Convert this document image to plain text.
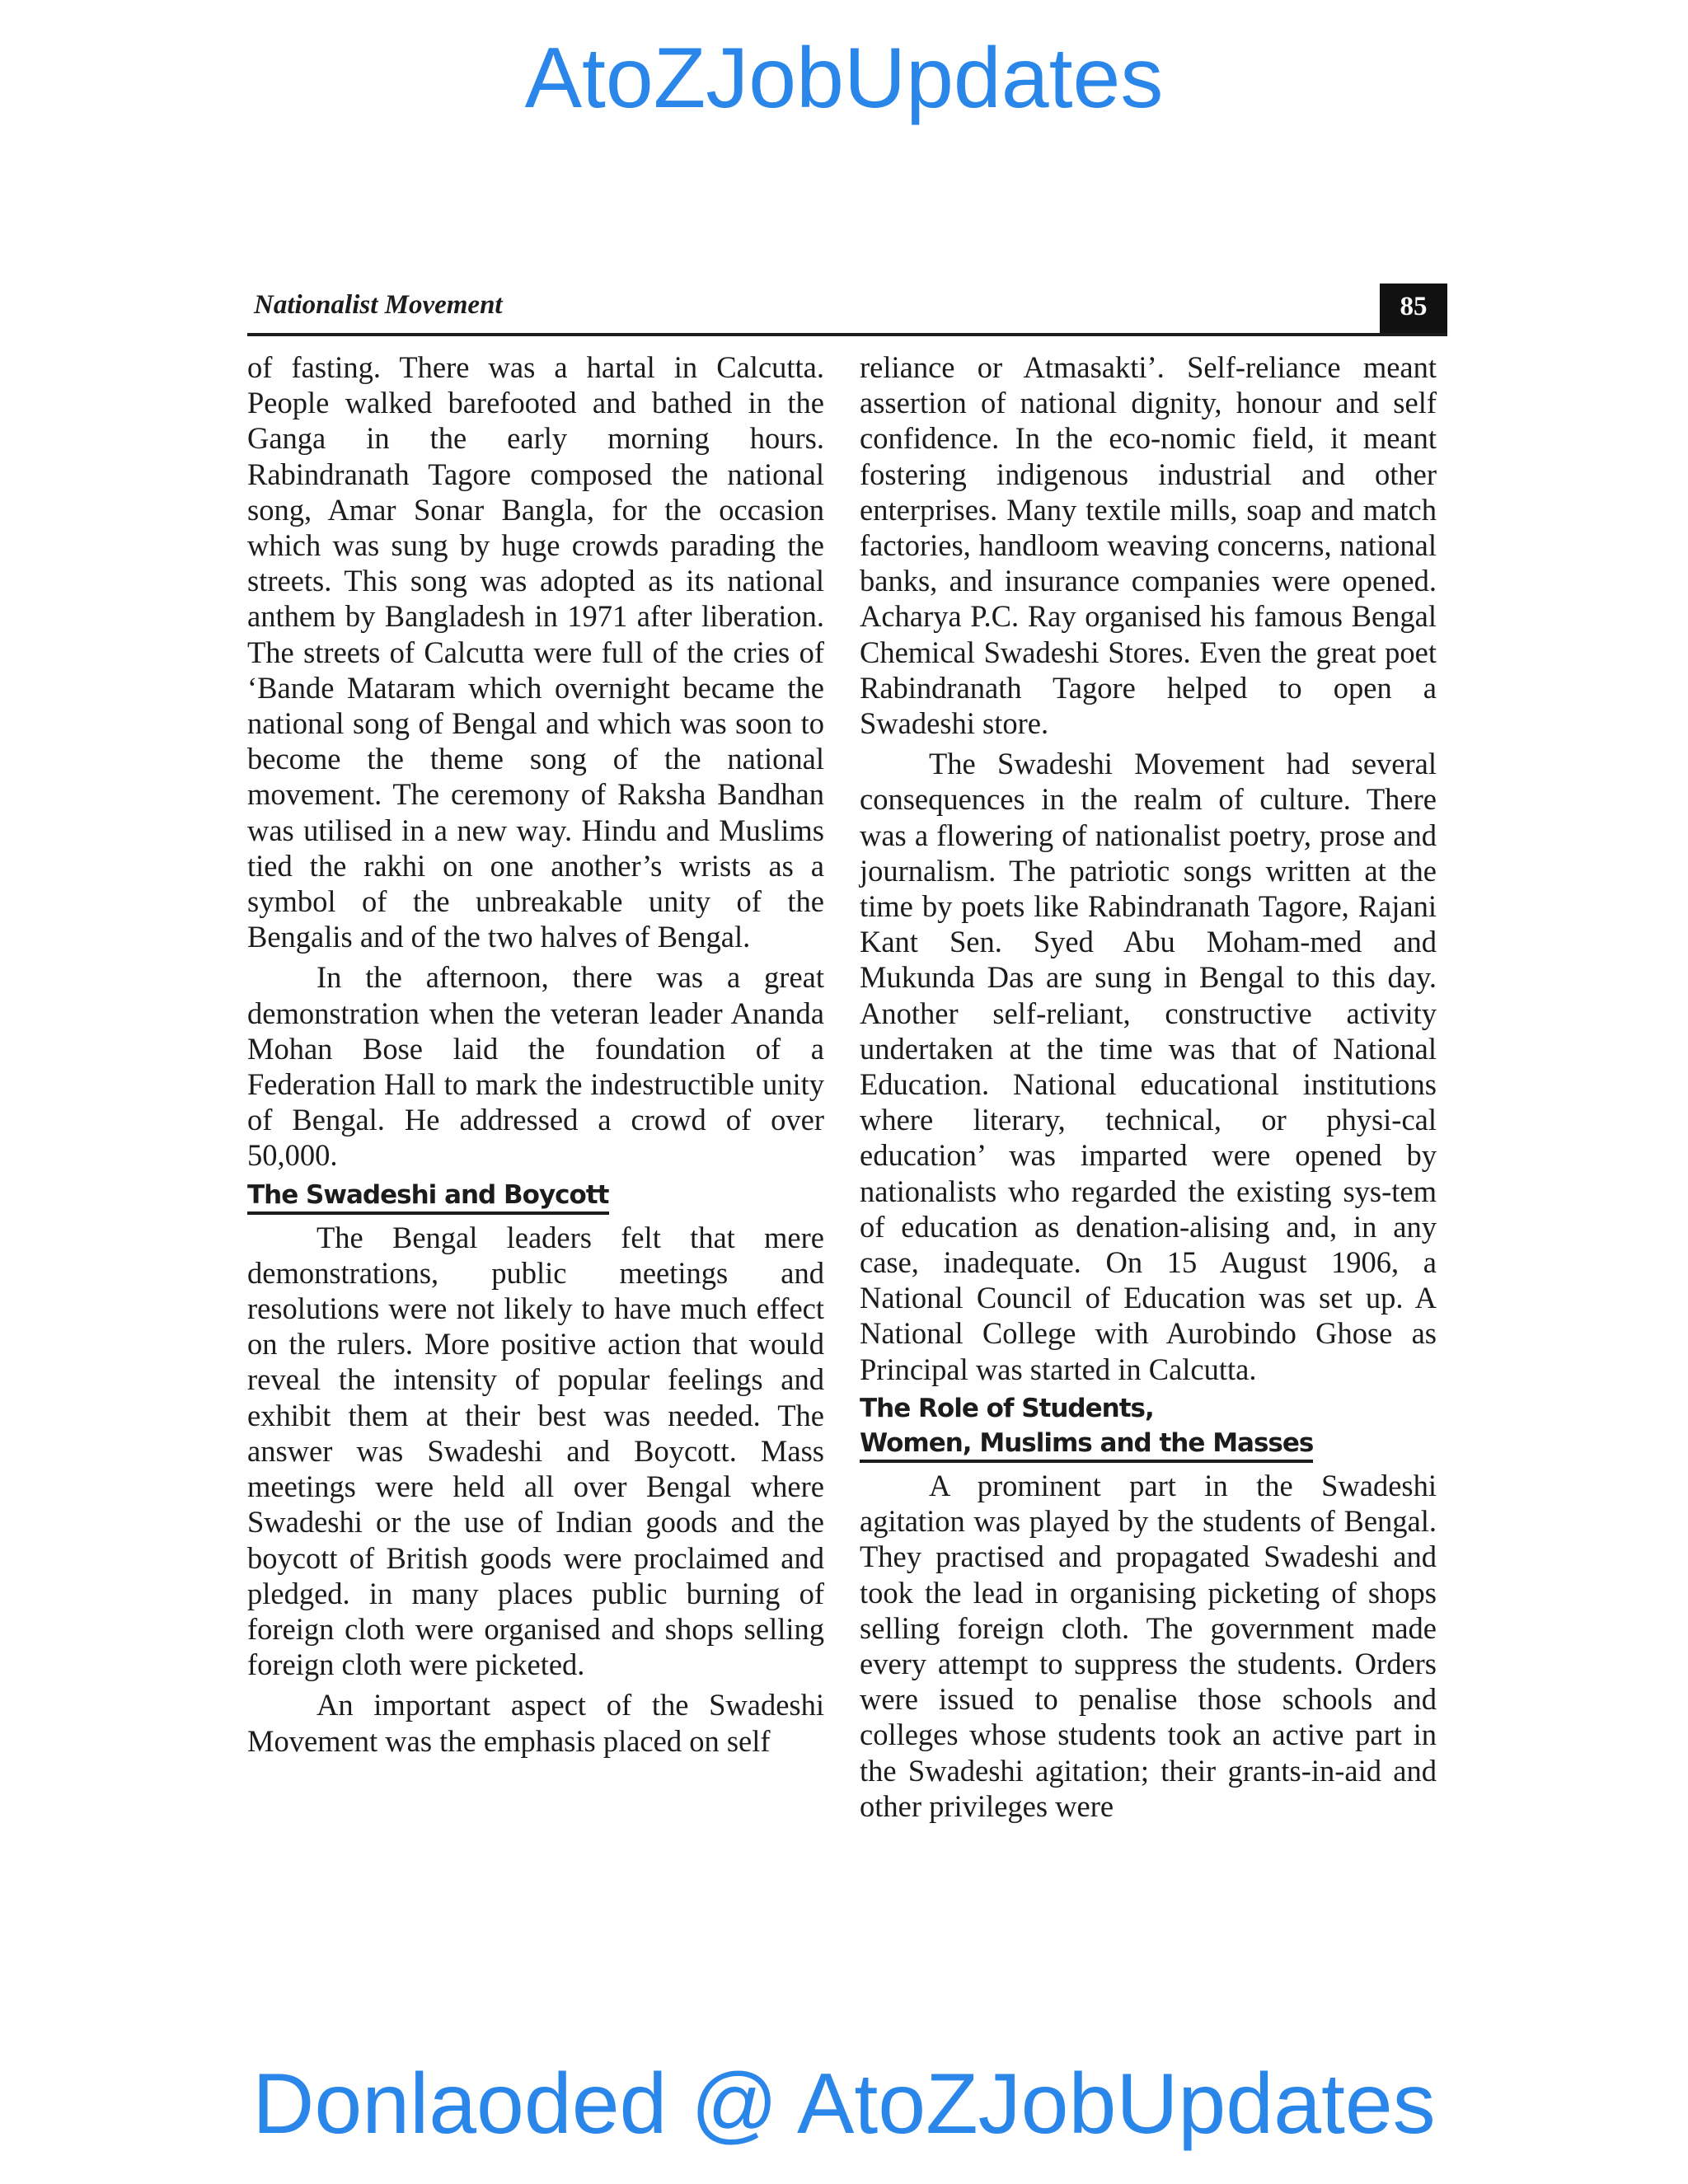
AtoZJobUpdates
Nationalist Movement	85

of fasting. There was a hartal in Calcutta. People walked barefooted and bathed in the Ganga in the early morning hours. Rabindranath Tagore composed the national song, Amar Sonar Bangla, for the occasion which was sung by huge crowds parading the streets. This song was adopted as its national anthem by Bangladesh in 1971 after liberation. The streets of Calcutta were full of the cries of ‘Bande Mataram which overnight became the national song of Bengal and which was soon to become the theme song of the national movement. The ceremony of Raksha Bandhan was utilised in a new way. Hindu and Muslims tied the rakhi on one another’s wrists as a symbol of the unbreakable unity of the Bengalis and of the two halves of Bengal.

In the afternoon, there was a great demonstration when the veteran leader Ananda Mohan Bose laid the foundation of a Federation Hall to mark the indestructible unity of Bengal. He addressed a crowd of over 50,000.

The Swadeshi and Boycott

The Bengal leaders felt that mere demonstrations, public meetings and resolutions were not likely to have much effect on the rulers. More positive action that would reveal the intensity of popular feelings and exhibit them at their best was needed. The answer was Swadeshi and Boycott. Mass meetings were held all over Bengal where Swadeshi or the use of Indian goods and the boycott of British goods were proclaimed and pledged. in many places public burning of foreign cloth were organised and shops selling foreign cloth were picketed.

An important aspect of the Swadeshi Movement was the emphasis placed on self

reliance or Atmasakti’. Self-reliance meant assertion of national dignity, honour and self confidence. In the eco-nomic field, it meant fostering indigenous industrial and other enterprises. Many textile mills, soap and match factories, handloom weaving concerns, national banks, and insurance companies were opened. Acharya P.C. Ray organised his famous Bengal Chemical Swadeshi Stores. Even the great poet Rabindranath Tagore helped to open a Swadeshi store.

The Swadeshi Movement had several consequences in the realm of culture. There was a flowering of nationalist poetry, prose and journalism. The patriotic songs written at the time by poets like Rabindranath Tagore, Rajani Kant Sen. Syed Abu Moham-med and Mukunda Das are sung in Bengal to this day. Another self-reliant, constructive activity undertaken at the time was that of National Education. National educational institutions where literary, technical, or physi-cal education’ was imparted were opened by nationalists who regarded the existing sys-tem of education as denation-alising and, in any case, inadequate. On 15 August 1906, a National Council of Education was set up. A National College with Aurobindo Ghose as Principal was started in Calcutta.

The Role of Students,
Women, Muslims and the Masses

A prominent part in the Swadeshi agitation was played by the students of Bengal. They practised and propagated Swadeshi and took the lead in organising picketing of shops selling foreign cloth. The government made every attempt to suppress the students. Orders were issued to penalise those schools and colleges whose students took an active part in the Swadeshi agitation; their grants-in-aid and other privileges were

Donlaoded @ AtoZJobUpdates
